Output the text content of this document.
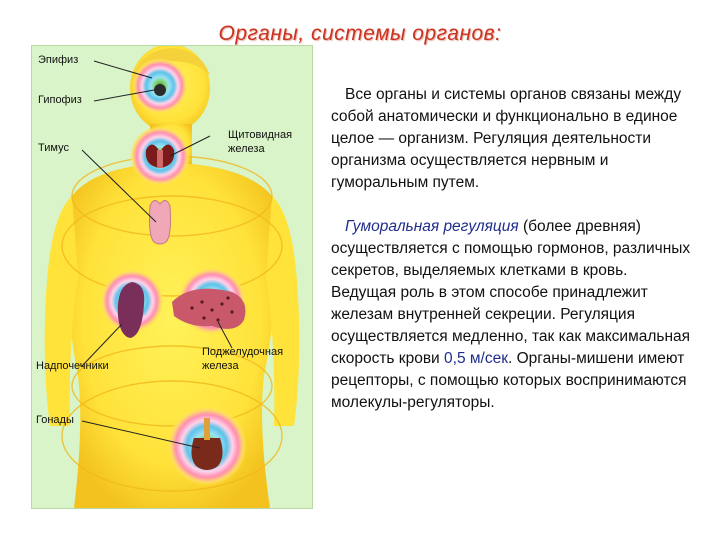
Органы, системы органов:
Эпифиз
Гипофиз
Тимус
Щитовидная
железа
Надпочечники
Поджелудочная
железа
Гонады

Все органы и системы органов связаны между собой анатомически и функционально в единое целое — организм. Регуляция деятельности организма осуществляется нервным и гуморальным путем.

Гуморальная регуляция (более древняя) осуществляется с помощью гормонов, различных секретов, выделяемых клетками в кровь. Ведущая роль в этом способе принадлежит железам внутренней секреции. Регуляция осуществляется медленно, так как максимальная скорость крови 0,5 м/сек. Органы-мишени имеют рецепторы, с помощью которых воспринимаются молекулы-регуляторы.
